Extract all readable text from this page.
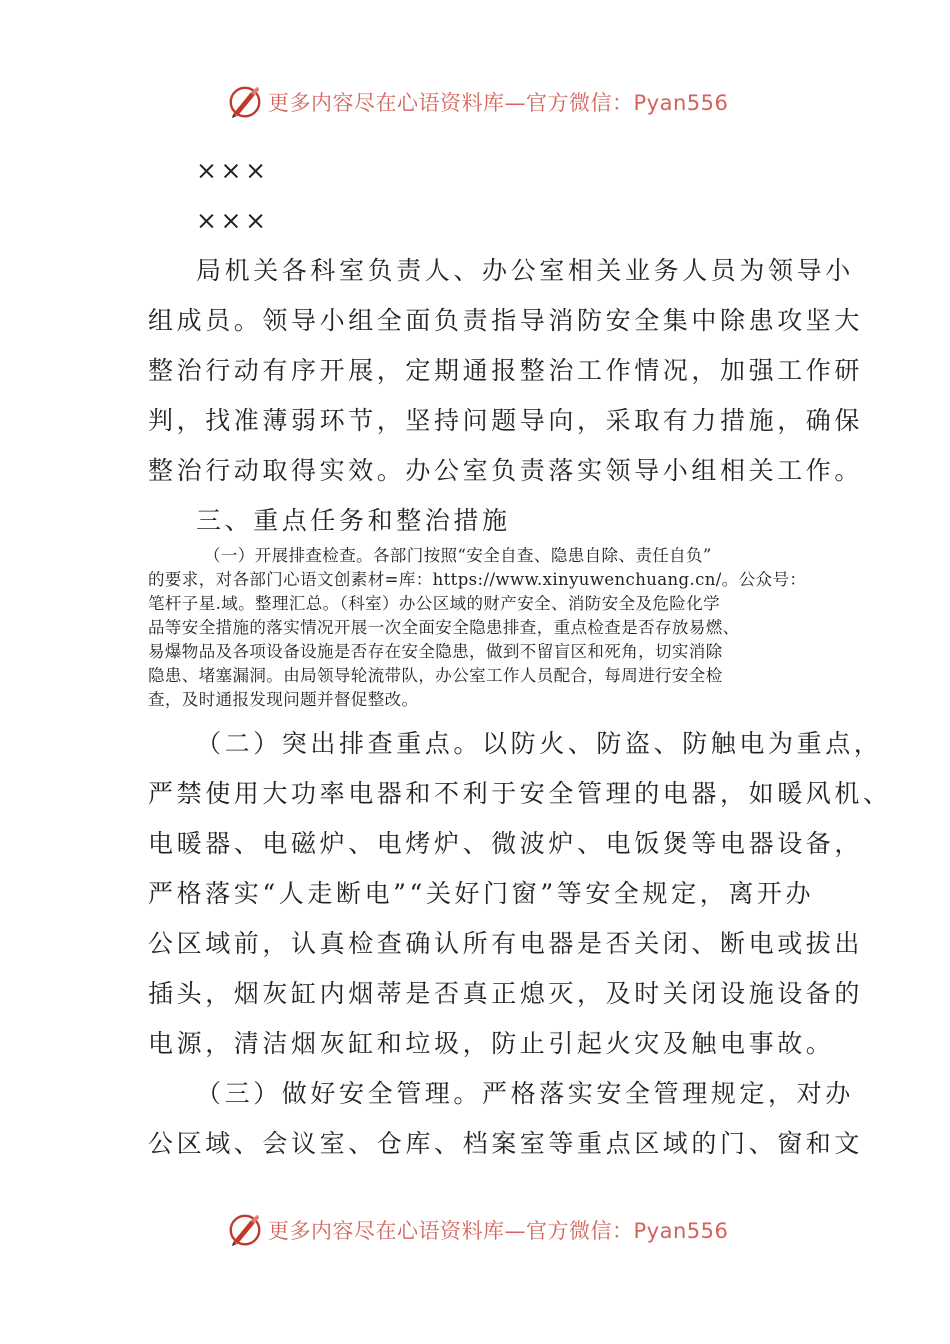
更多内容尽在心语资料库—官方微信：Pyan556
×××
×××
局机关各科室负责人、办公室相关业务人员为领导小
组成员。领导小组全面负责指导消防安全集中除患攻坚大
整治行动有序开展，定期通报整治工作情况，加强工作研
判，找准薄弱环节，坚持问题导向，采取有力措施，确保
整治行动取得实效。办公室负责落实领导小组相关工作。
三、重点任务和整治措施
（一）开展排查检查。各部门按照“安全自查、隐患自除、责任自负”
的要求，对各部门心语文创素材=库：https://www.xinyuwenchuang.cn/。公众号：
笔杆子星.域。整理汇总。（科室）办公区域的财产安全、消防安全及危险化学
品等安全措施的落实情况开展一次全面安全隐患排查，重点检查是否存放易燃、
易爆物品及各项设备设施是否存在安全隐患，做到不留盲区和死角，切实消除
隐患、堵塞漏洞。由局领导轮流带队，办公室工作人员配合，每周进行安全检
查，及时通报发现问题并督促整改。
（二）突出排查重点。以防火、防盗、防触电为重点，
严禁使用大功率电器和不利于安全管理的电器，如暖风机、
电暖器、电磁炉、电烤炉、微波炉、电饭煲等电器设备，
严格落实“人走断电”“关好门窗”等安全规定，离开办
公区域前，认真检查确认所有电器是否关闭、断电或拔出
插头，烟灰缸内烟蒂是否真正熄灭，及时关闭设施设备的
电源，清洁烟灰缸和垃圾，防止引起火灾及触电事故。
（三）做好安全管理。严格落实安全管理规定，对办
公区域、会议室、仓库、档案室等重点区域的门、窗和文
更多内容尽在心语资料库—官方微信：Pyan556
